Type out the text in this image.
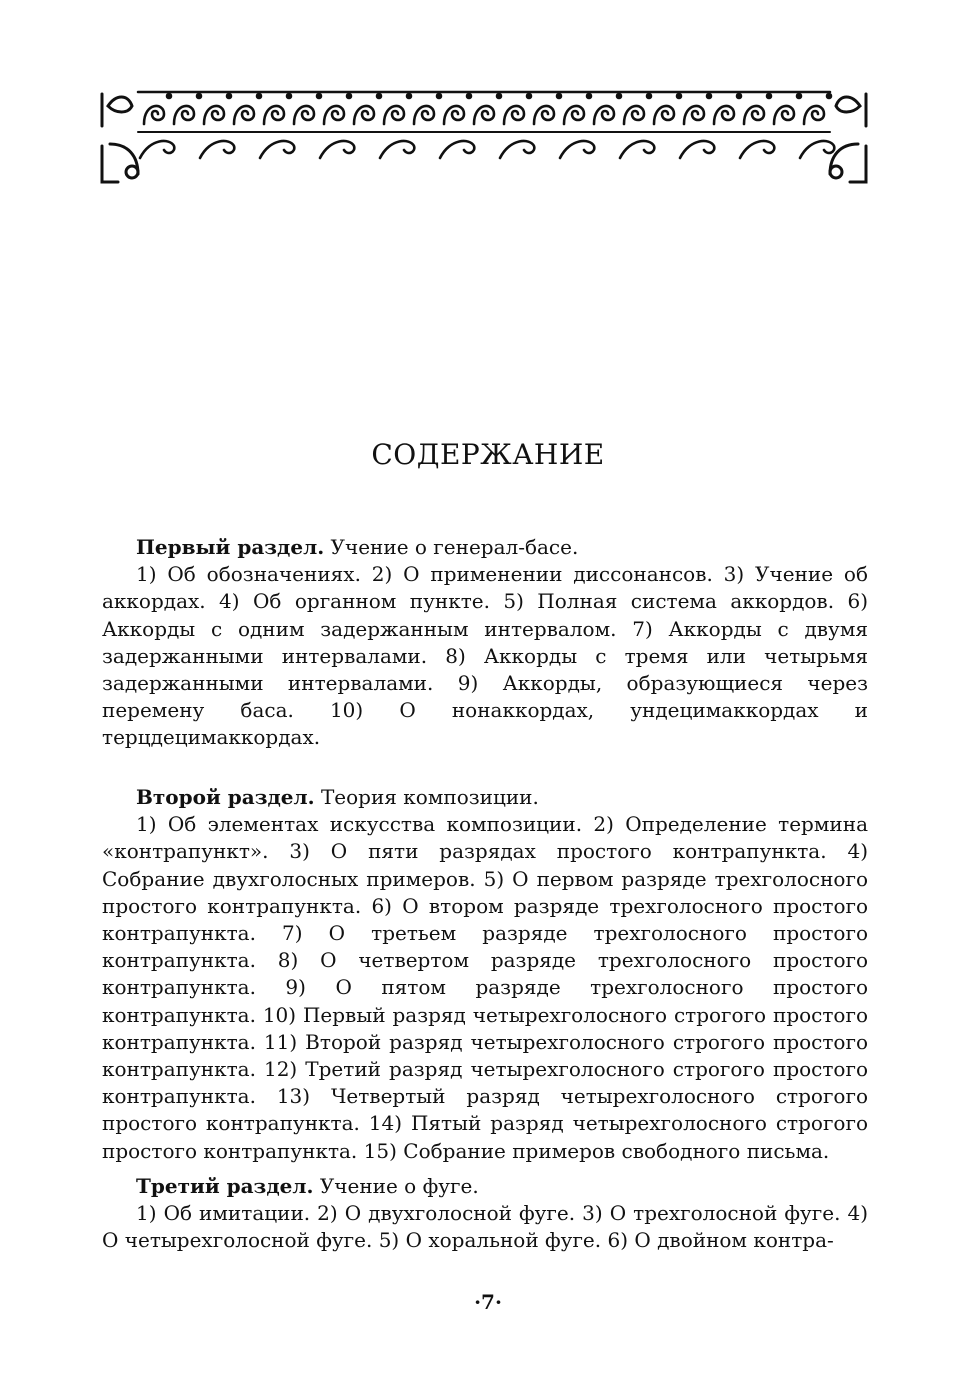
СОДЕРЖАНИЕ

Первый раздел. Учение о генерал-басе.

1) Об обозначениях. 2) О применении диссонансов. 3) Учение об аккордах. 4) Об органном пункте. 5) Полная система аккордов. 6) Аккорды с одним задержанным интервалом. 7) Аккорды с двумя задержанными интервалами. 8) Аккорды с тремя или четырьмя задержанными интервалами. 9) Аккорды, образующиеся через перемену баса. 10) О нонаккордах, ундецимаккордах и терцдецимаккордах.

Второй раздел. Теория композиции.

1) Об элементах искусства композиции. 2) Определение термина «контрапункт». 3) О пяти разрядах простого контрапункта. 4) Собрание двухголосных примеров. 5) О первом разряде трехголосного простого контрапункта. 6) О втором разряде трехголосного простого контрапункта. 7) О третьем разряде трехголосного простого контрапункта. 8) О четвертом разряде трехголосного простого контрапункта. 9) О пятом разряде трехголосного простого контрапункта. 10) Первый разряд четырехголосного строгого простого контрапункта. 11) Второй разряд четырехголосного строгого простого контрапункта. 12) Третий разряд четырехголосного строгого простого контрапункта. 13) Четвертый разряд четырехголосного строгого простого контрапункта. 14) Пятый разряд четырехголосного строгого простого контрапункта. 15) Собрание примеров свободного письма.

Третий раздел. Учение о фуге.

1) Об имитации. 2) О двухголосной фуге. 3) О трехголосной фуге. 4) О четырехголосной фуге. 5) О хоральной фуге. 6) О двойном контра-

·7·
